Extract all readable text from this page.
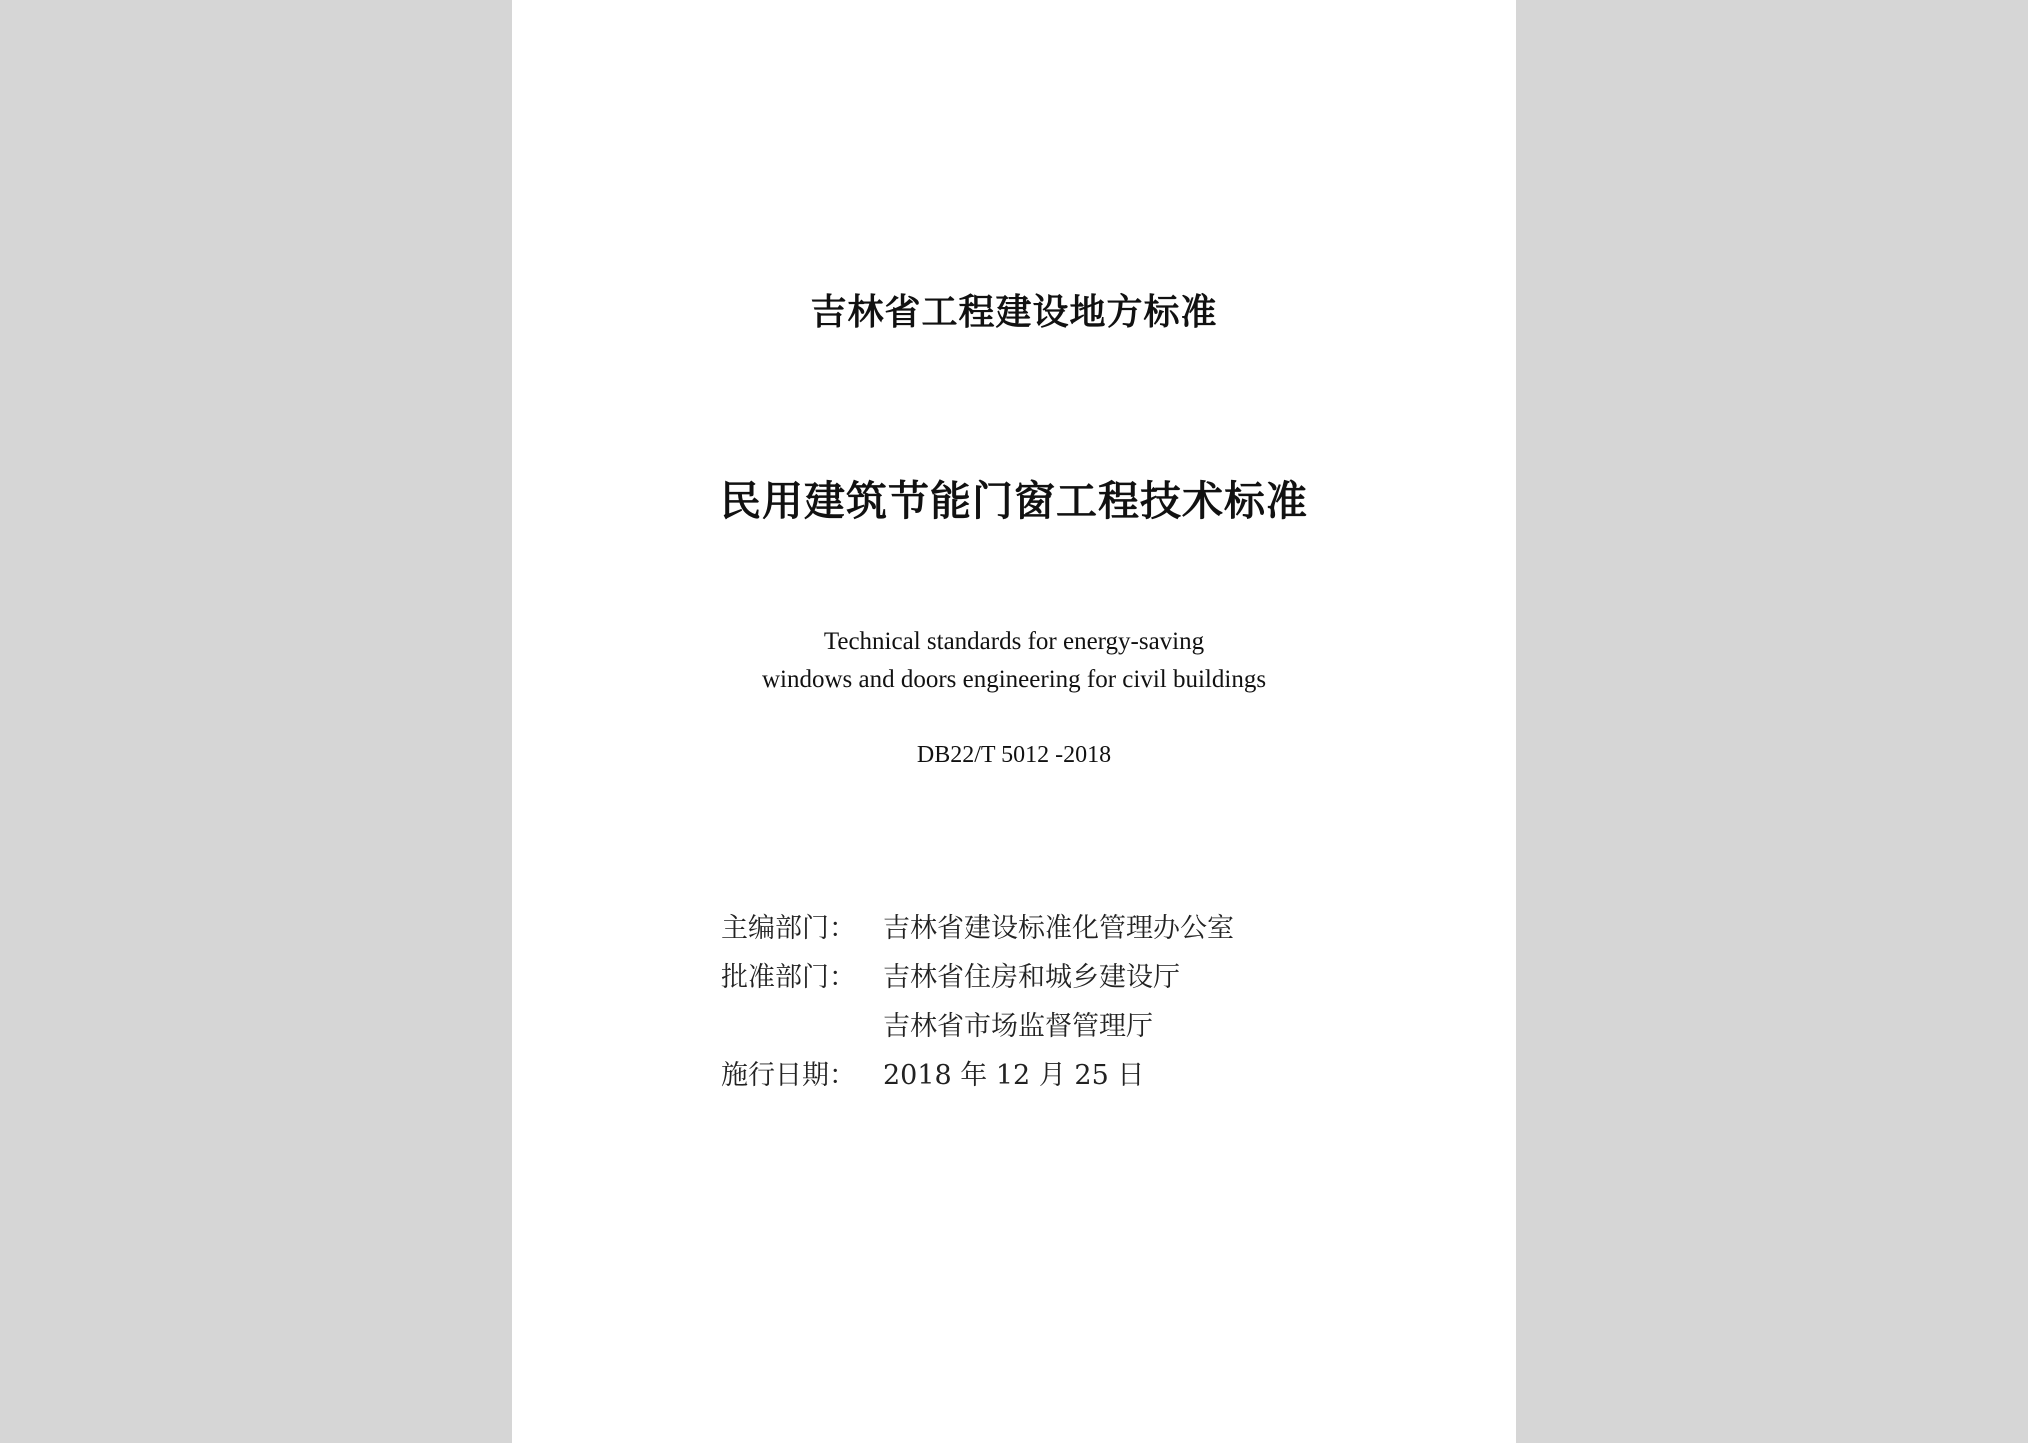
吉林省工程建设地方标准
民用建筑节能门窗工程技术标准
Technical standards for energy-saving
windows and doors engineering for civil buildings
DB22/T 5012 -2018
主编部门：	吉林省建设标准化管理办公室
批准部门：	吉林省住房和城乡建设厅
吉林省市场监督管理厅
施行日期：	2018 年 12 月 25 日
